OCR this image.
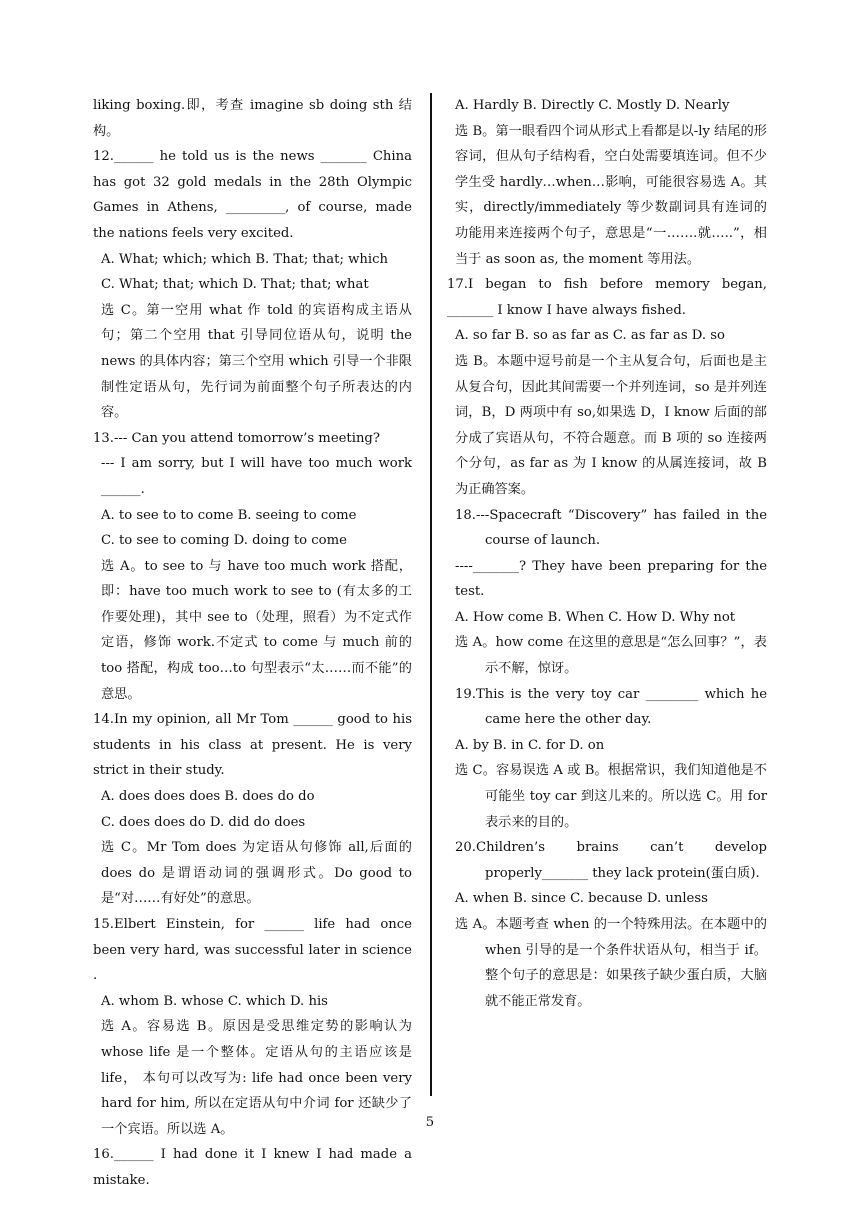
liking boxing.即，考查 imagine sb doing sth 结构。
12.______ he told us is the news _______ China has got 32 gold medals in the 28th Olympic Games in Athens, _________, of course, made the nations feels very excited.
A. What; which; which B. That; that; which
C. What; that; which D. That; that; what
选 C。第一空用 what 作 told 的宾语构成主语从句；第二个空用 that 引导同位语从句，说明 the news 的具体内容；第三个空用 which 引导一个非限制性定语从句，先行词为前面整个句子所表达的内容。
13.--- Can you attend tomorrow’s meeting?
--- I am sorry, but I will have too much work ______.
A. to see to to come B. seeing to come
C. to see to coming D. doing to come
选 A。to see to 与 have too much work 搭配，即：have too much work to see to (有太多的工作要处理)，其中 see to（处理，照看）为不定式作定语，修饰 work.不定式 to come 与 much 前的 too 搭配，构成 too…to 句型表示“太……而不能”的意思。
14.In my opinion, all Mr Tom ______ good to his students in his class at present. He is very strict in their study.
A. does does does B. does do do
C. does does do D. did do does
选 C。Mr Tom does 为定语从句修饰 all,后面的 does do 是谓语动词的强调形式。Do good to 是“对……有好处”的意思。
15.Elbert Einstein, for ______ life had once been very hard, was successful later in science .
A. whom B. whose C. which D. his
选 A。容易选 B。原因是受思维定势的影响认为 whose life 是一个整体。定语从句的主语应该是 life， 本句可以改写为: life had once been very hard for him, 所以在定语从句中介词 for 还缺少了一个宾语。所以选 A。
16.______ I had done it I knew I had made a mistake.
A. Hardly B. Directly C. Mostly D. Nearly
选 B。第一眼看四个词从形式上看都是以-ly 结尾的形容词，但从句子结构看，空白处需要填连词。但不少学生受 hardly…when…影响，可能很容易选 A。其实，directly/immediately 等少数副词具有连词的功能用来连接两个句子，意思是“一…….就…..”，相当于 as soon as, the moment 等用法。
17.I began to fish before memory began, _______ I know I have always fished.
A. so far B. so as far as C. as far as D. so
选 B。本题中逗号前是一个主从复合句，后面也是主从复合句，因此其间需要一个并列连词，so 是并列连词，B，D 两项中有 so,如果选 D，I know 后面的部分成了宾语从句，不符合题意。而 B 项的 so 连接两个分句，as far as 为 I know 的从属连接词，故 B 为正确答案。
18.---Spacecraft “Discovery” has failed in the course of launch.
----_______? They have been preparing for the test.
A. How come B. When C. How D. Why not
选 A。how come 在这里的意思是“怎么回事？”，表示不解，惊讶。
19.This is the very toy car ________ which he came here the other day.
A. by B. in C. for D. on
选 C。容易误选 A 或 B。根据常识，我们知道他是不可能坐 toy car 到这儿来的。所以选 C。用 for 表示来的目的。
20.Children’s brains can’t develop properly_______ they lack protein(蛋白质).
A. when B. since C. because D. unless
选 A。本题考查 when 的一个特殊用法。在本题中的 when 引导的是一个条件状语从句，相当于 if。整个句子的意思是：如果孩子缺少蛋白质，大脑就不能正常发育。
5
